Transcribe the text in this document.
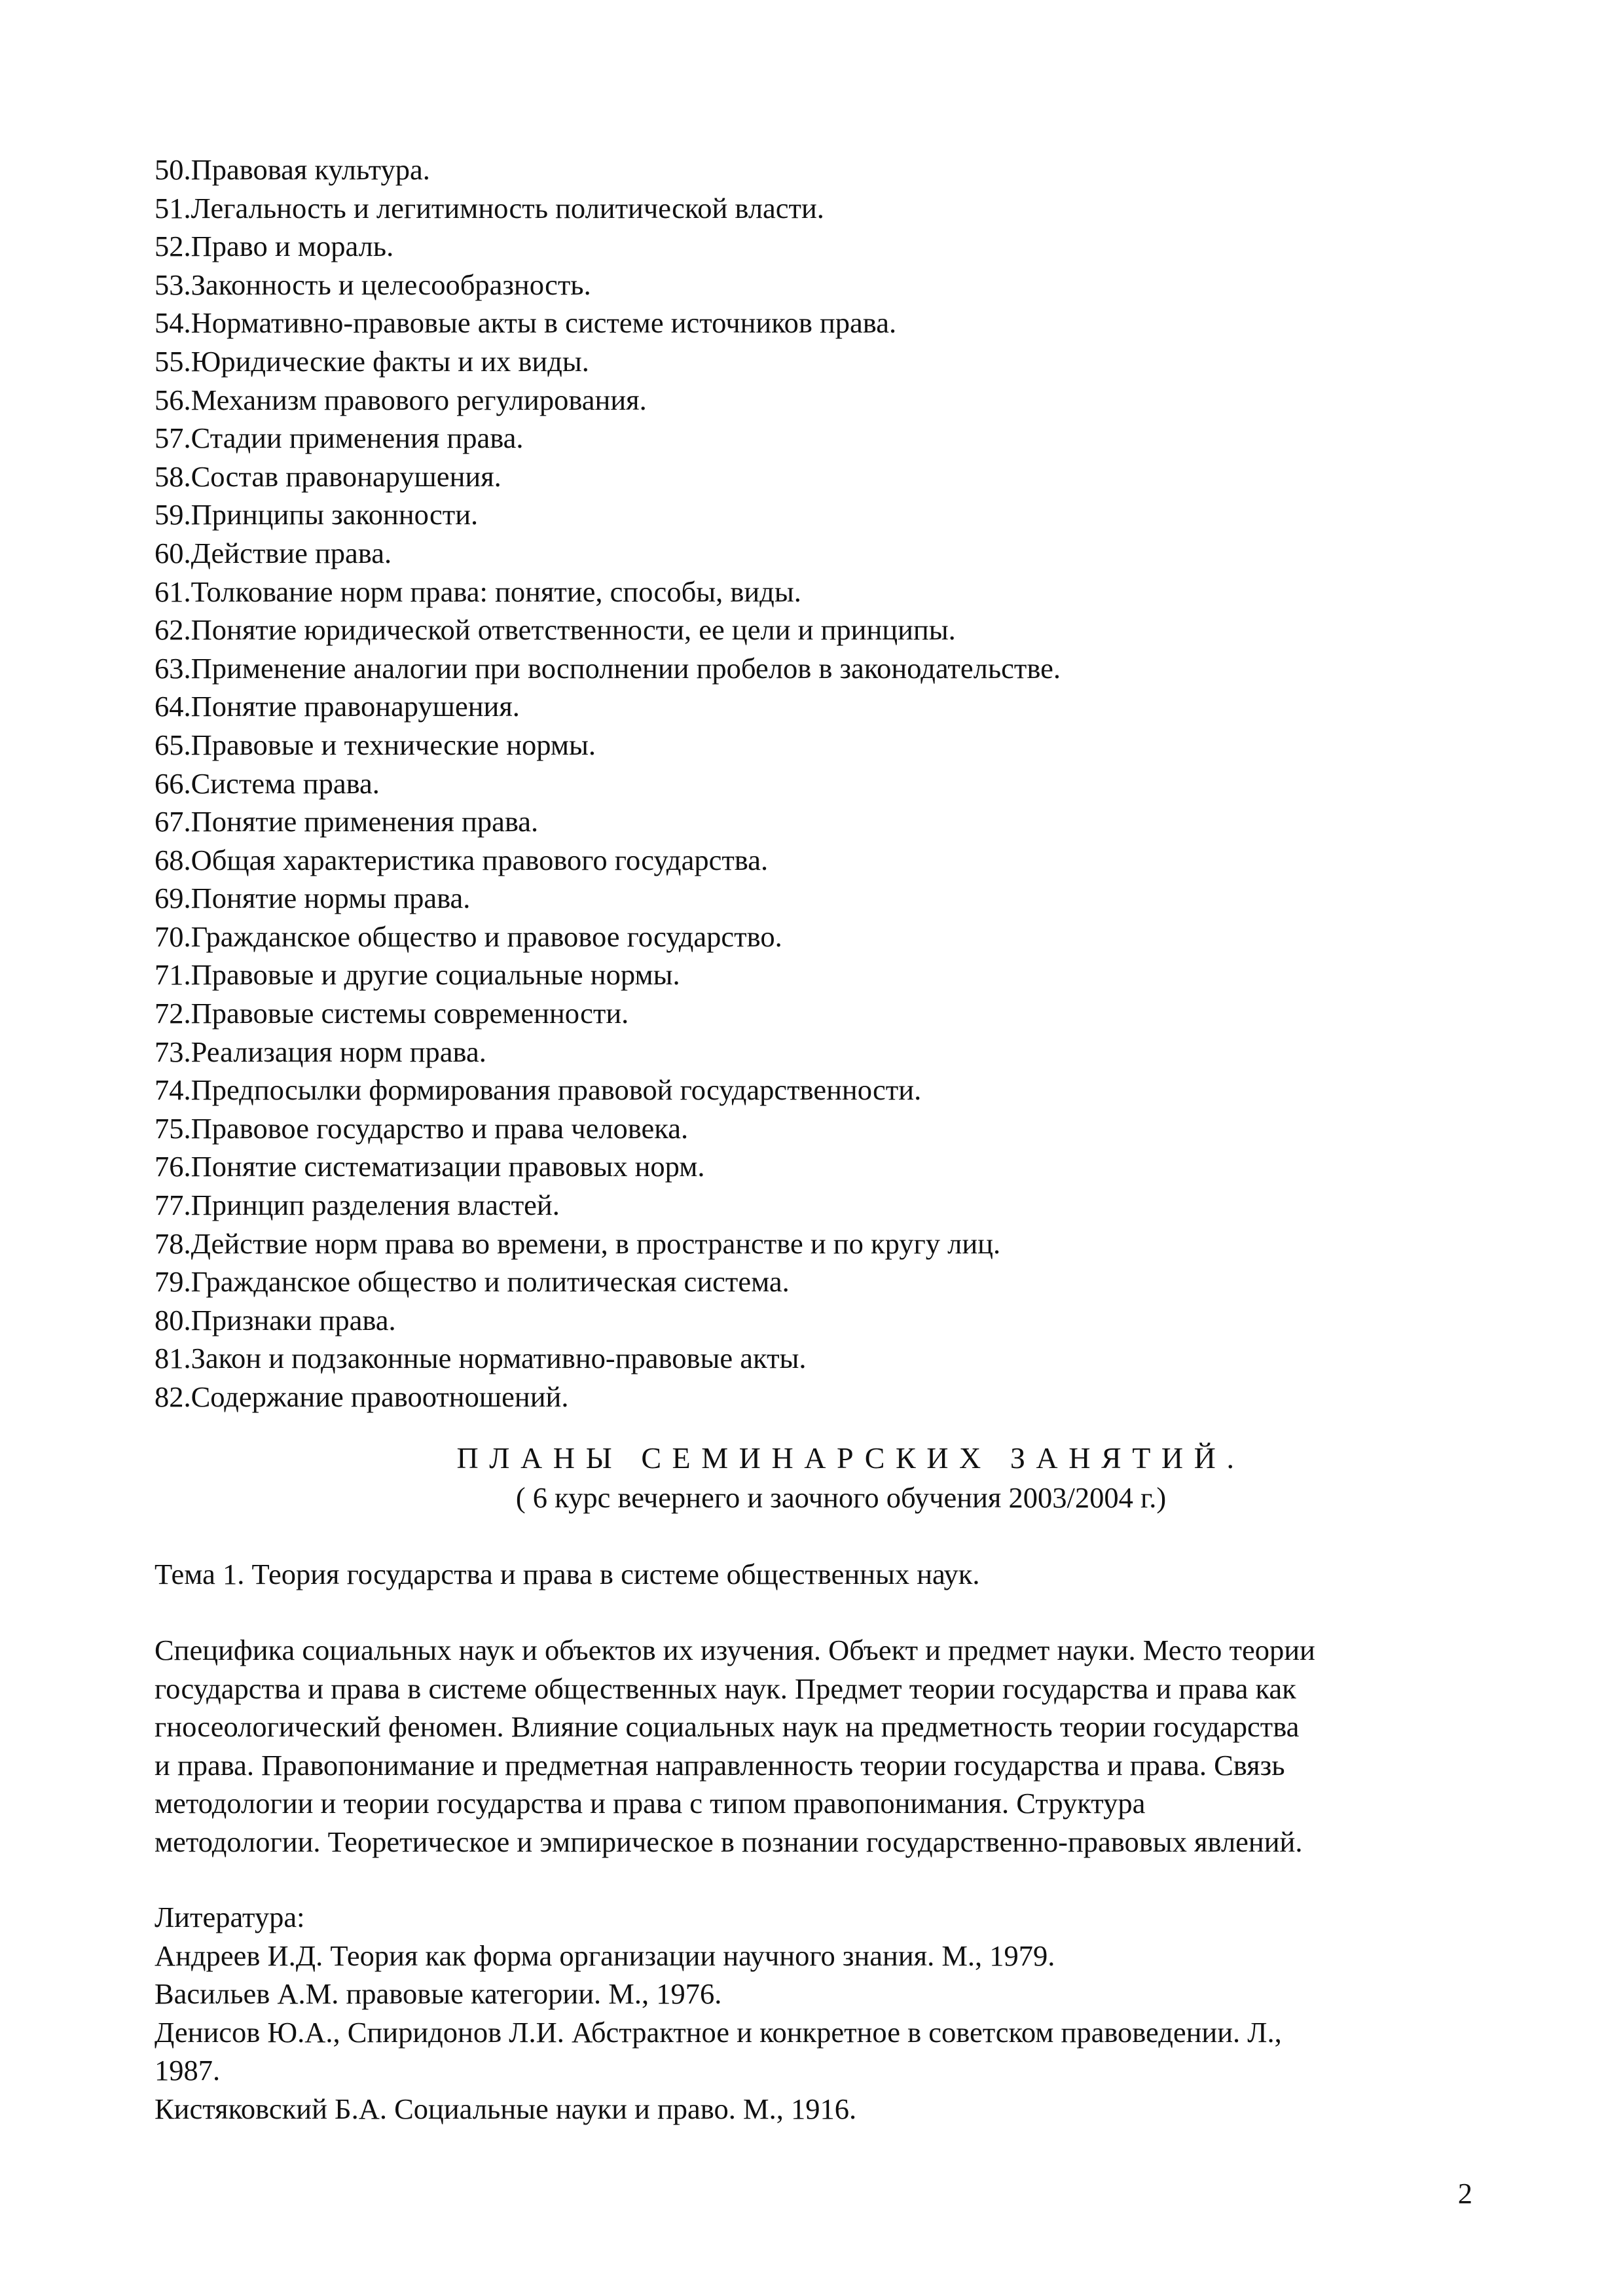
50.Правовая культура.
51.Легальность и легитимность политической власти.
52.Право и мораль.
53.Законность и целесообразность.
54.Нормативно-правовые акты в системе источников права.
55.Юридические факты и их виды.
56.Механизм правового регулирования.
57.Стадии применения права.
58.Состав правонарушения.
59.Принципы законности.
60.Действие права.
61.Толкование норм права: понятие, способы, виды.
62.Понятие юридической ответственности, ее цели и принципы.
63.Применение аналогии при восполнении пробелов в законодательстве.
64.Понятие правонарушения.
65.Правовые и технические нормы.
66.Система права.
67.Понятие применения права.
68.Общая характеристика правового государства.
69.Понятие нормы права.
70.Гражданское общество и правовое государство.
71.Правовые и другие социальные нормы.
72.Правовые системы современности.
73.Реализация норм права.
74.Предпосылки формирования правовой государственности.
75.Правовое государство и права человека.
76.Понятие систематизации правовых норм.
77.Принцип разделения властей.
78.Действие норм права во времени, в пространстве и по кругу лиц.
79.Гражданское общество и политическая система.
80.Признаки права.
81.Закон и подзаконные нормативно-правовые акты.
82.Содержание правоотношений.
ПЛАНЫ СЕМИНАРСКИХ ЗАНЯТИЙ.
( 6 курс вечернего и заочного обучения 2003/2004 г.)
Тема 1. Теория государства и права в системе общественных наук.

Специфика социальных наук и объектов их изучения. Объект и предмет науки. Место теории
государства и права в системе общественных наук. Предмет теории государства и права как
гносеологический феномен. Влияние социальных наук на предметность теории государства
и права. Правопонимание и предметная направленность теории государства и права. Связь
методологии и теории государства и права с типом правопонимания. Структура
методологии. Теоретическое и эмпирическое в познании государственно-правовых явлений.

Литература:
Андреев И.Д. Теория как форма организации научного знания. М., 1979.
Васильев А.М. правовые категории. М., 1976.
Денисов Ю.А., Спиридонов Л.И. Абстрактное и конкретное в советском правоведении. Л.,
1987.
Кистяковский Б.А. Социальные науки и право. М., 1916.
2
